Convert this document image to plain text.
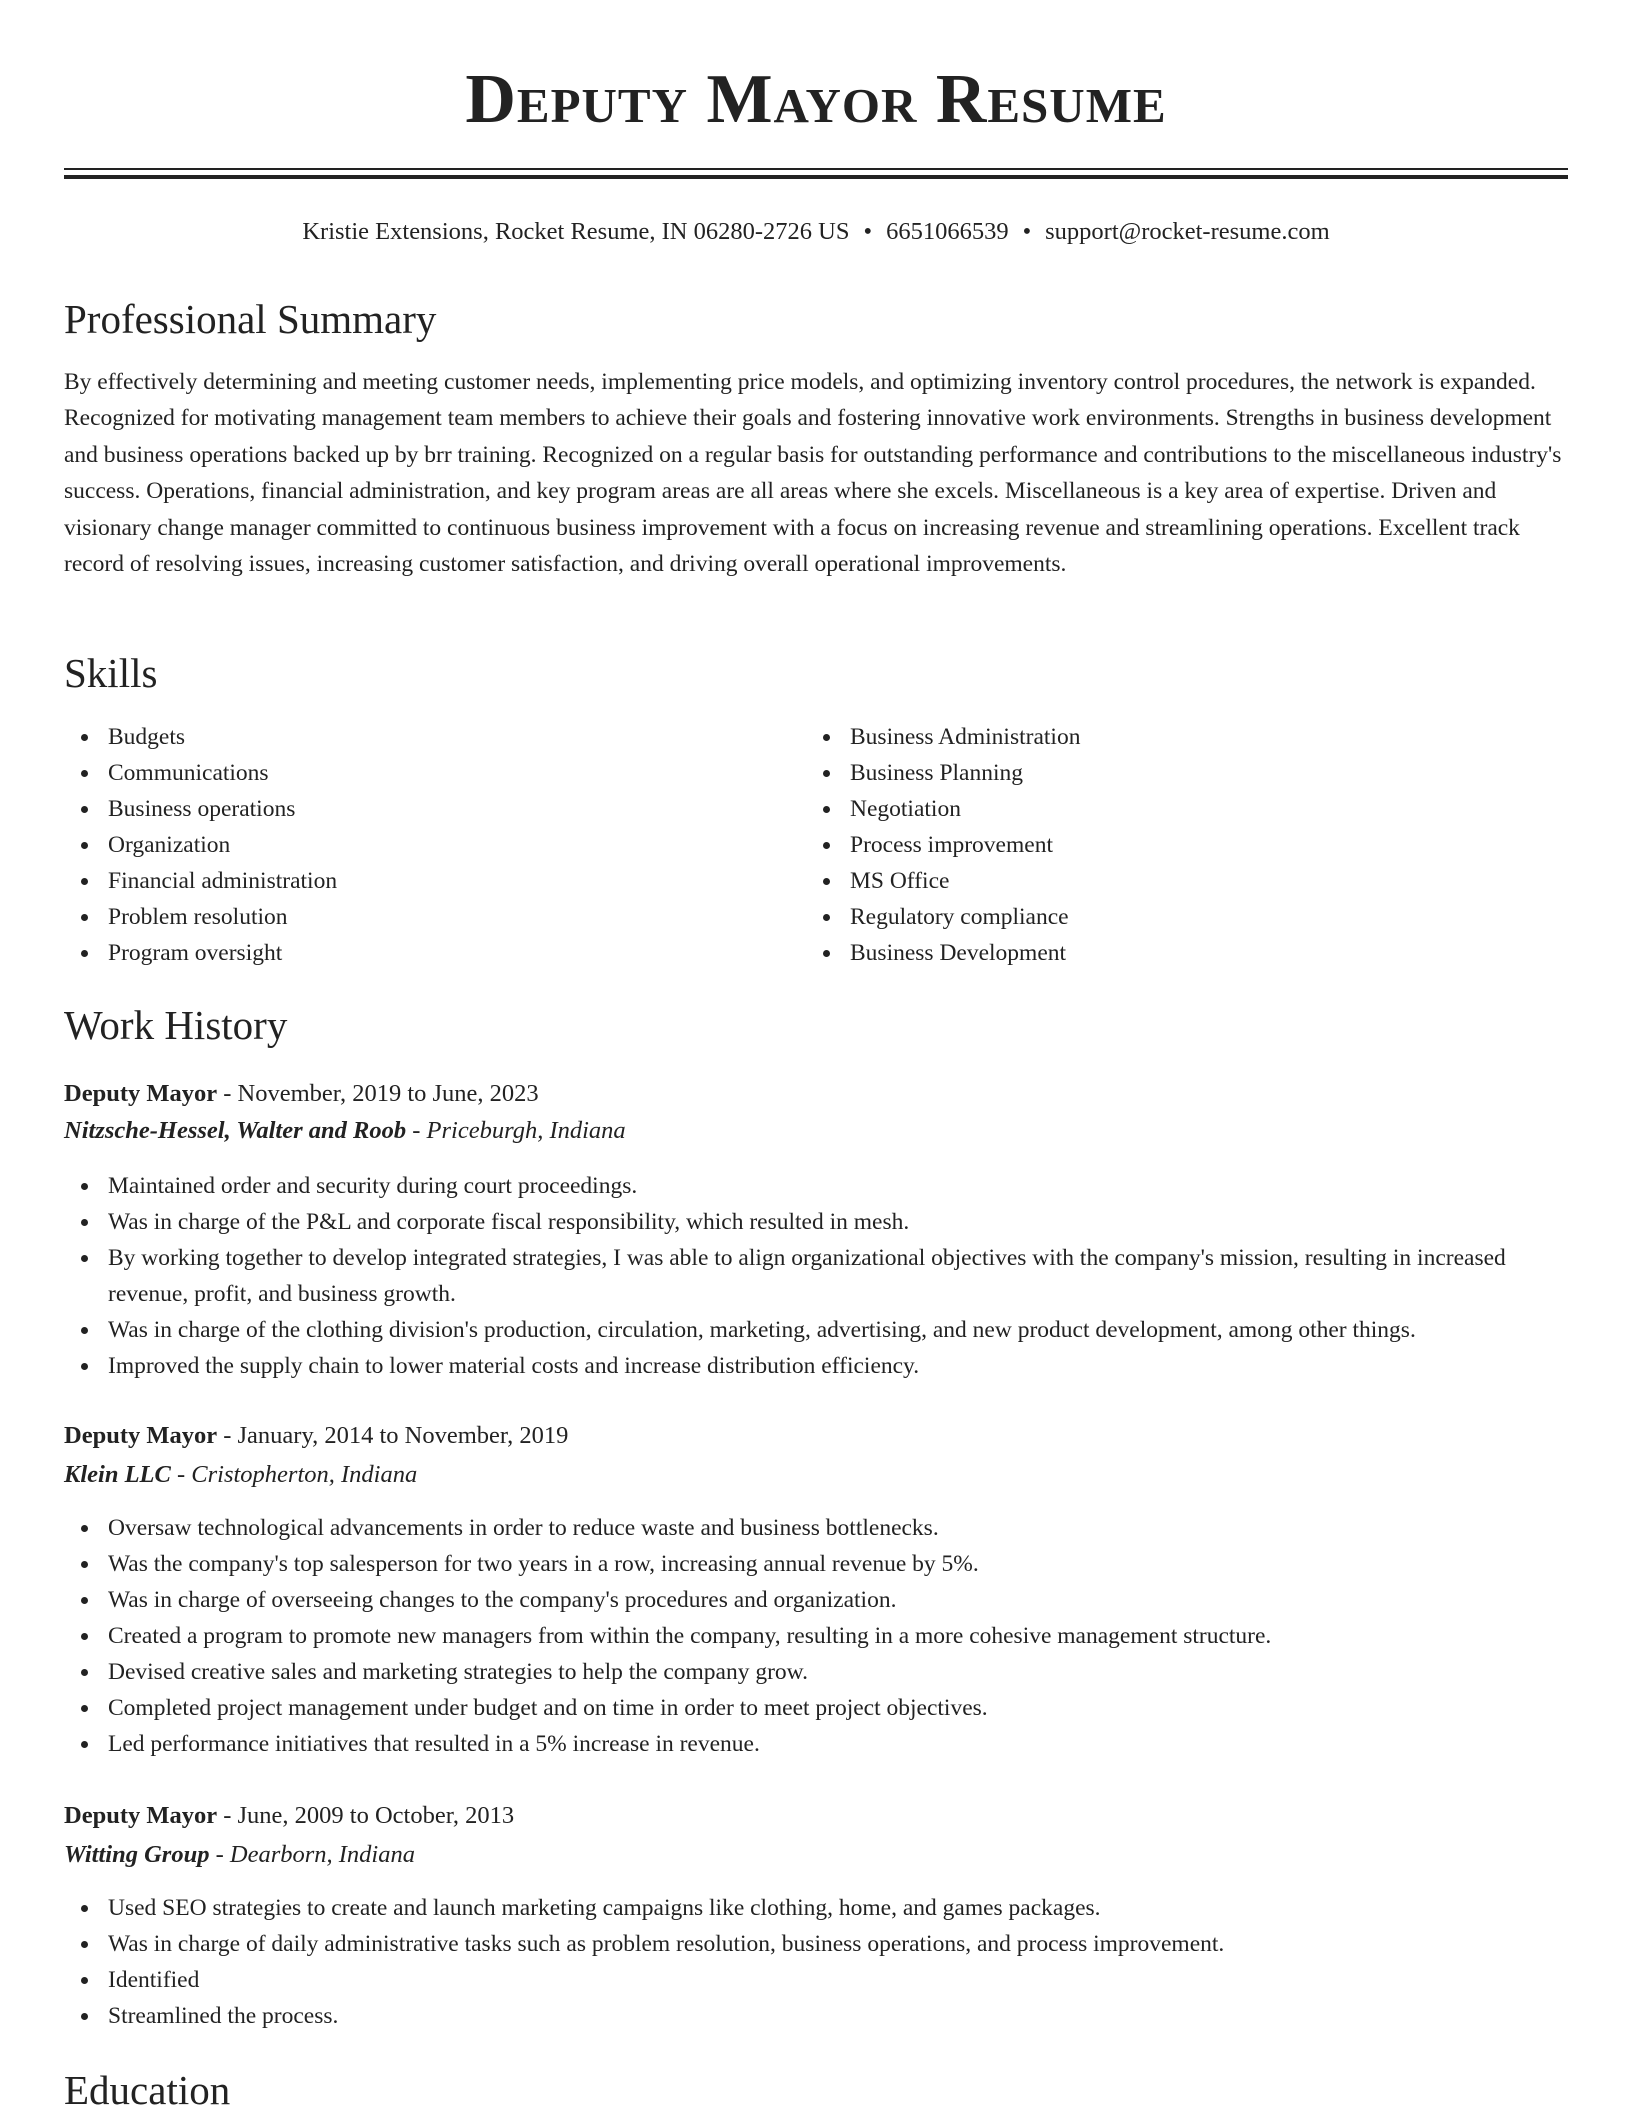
Deputy Mayor Resume
Kristie Extensions, Rocket Resume, IN 06280-2726 US • 6651066539 • support@rocket-resume.com
Professional Summary

By effectively determining and meeting customer needs, implementing price models, and optimizing inventory control procedures, the network is expanded. Recognized for motivating management team members to achieve their goals and fostering innovative work environments. Strengths in business development and business operations backed up by brr training. Recognized on a regular basis for outstanding performance and contributions to the miscellaneous industry's success. Operations, financial administration, and key program areas are all areas where she excels. Miscellaneous is a key area of expertise. Driven and visionary change manager committed to continuous business improvement with a focus on increasing revenue and streamlining operations. Excellent track record of resolving issues, increasing customer satisfaction, and driving overall operational improvements.

Skills
Budgets
Communications
Business operations
Organization
Financial administration
Problem resolution
Program oversight
Business Administration
Business Planning
Negotiation
Process improvement
MS Office
Regulatory compliance
Business Development
Work History
Deputy Mayor - November, 2019 to June, 2023
Nitzsche-Hessel, Walter and Roob - Priceburgh, Indiana
Maintained order and security during court proceedings.
Was in charge of the P&L and corporate fiscal responsibility, which resulted in mesh.
By working together to develop integrated strategies, I was able to align organizational objectives with the company's mission, resulting in increased revenue, profit, and business growth.
Was in charge of the clothing division's production, circulation, marketing, advertising, and new product development, among other things.
Improved the supply chain to lower material costs and increase distribution efficiency.
Deputy Mayor - January, 2014 to November, 2019
Klein LLC - Cristopherton, Indiana
Oversaw technological advancements in order to reduce waste and business bottlenecks.
Was the company's top salesperson for two years in a row, increasing annual revenue by 5%.
Was in charge of overseeing changes to the company's procedures and organization.
Created a program to promote new managers from within the company, resulting in a more cohesive management structure.
Devised creative sales and marketing strategies to help the company grow.
Completed project management under budget and on time in order to meet project objectives.
Led performance initiatives that resulted in a 5% increase in revenue.
Deputy Mayor - June, 2009 to October, 2013
Witting Group - Dearborn, Indiana
Used SEO strategies to create and launch marketing campaigns like clothing, home, and games packages.
Was in charge of daily administrative tasks such as problem resolution, business operations, and process improvement.
Identified
Streamlined the process.
Education
